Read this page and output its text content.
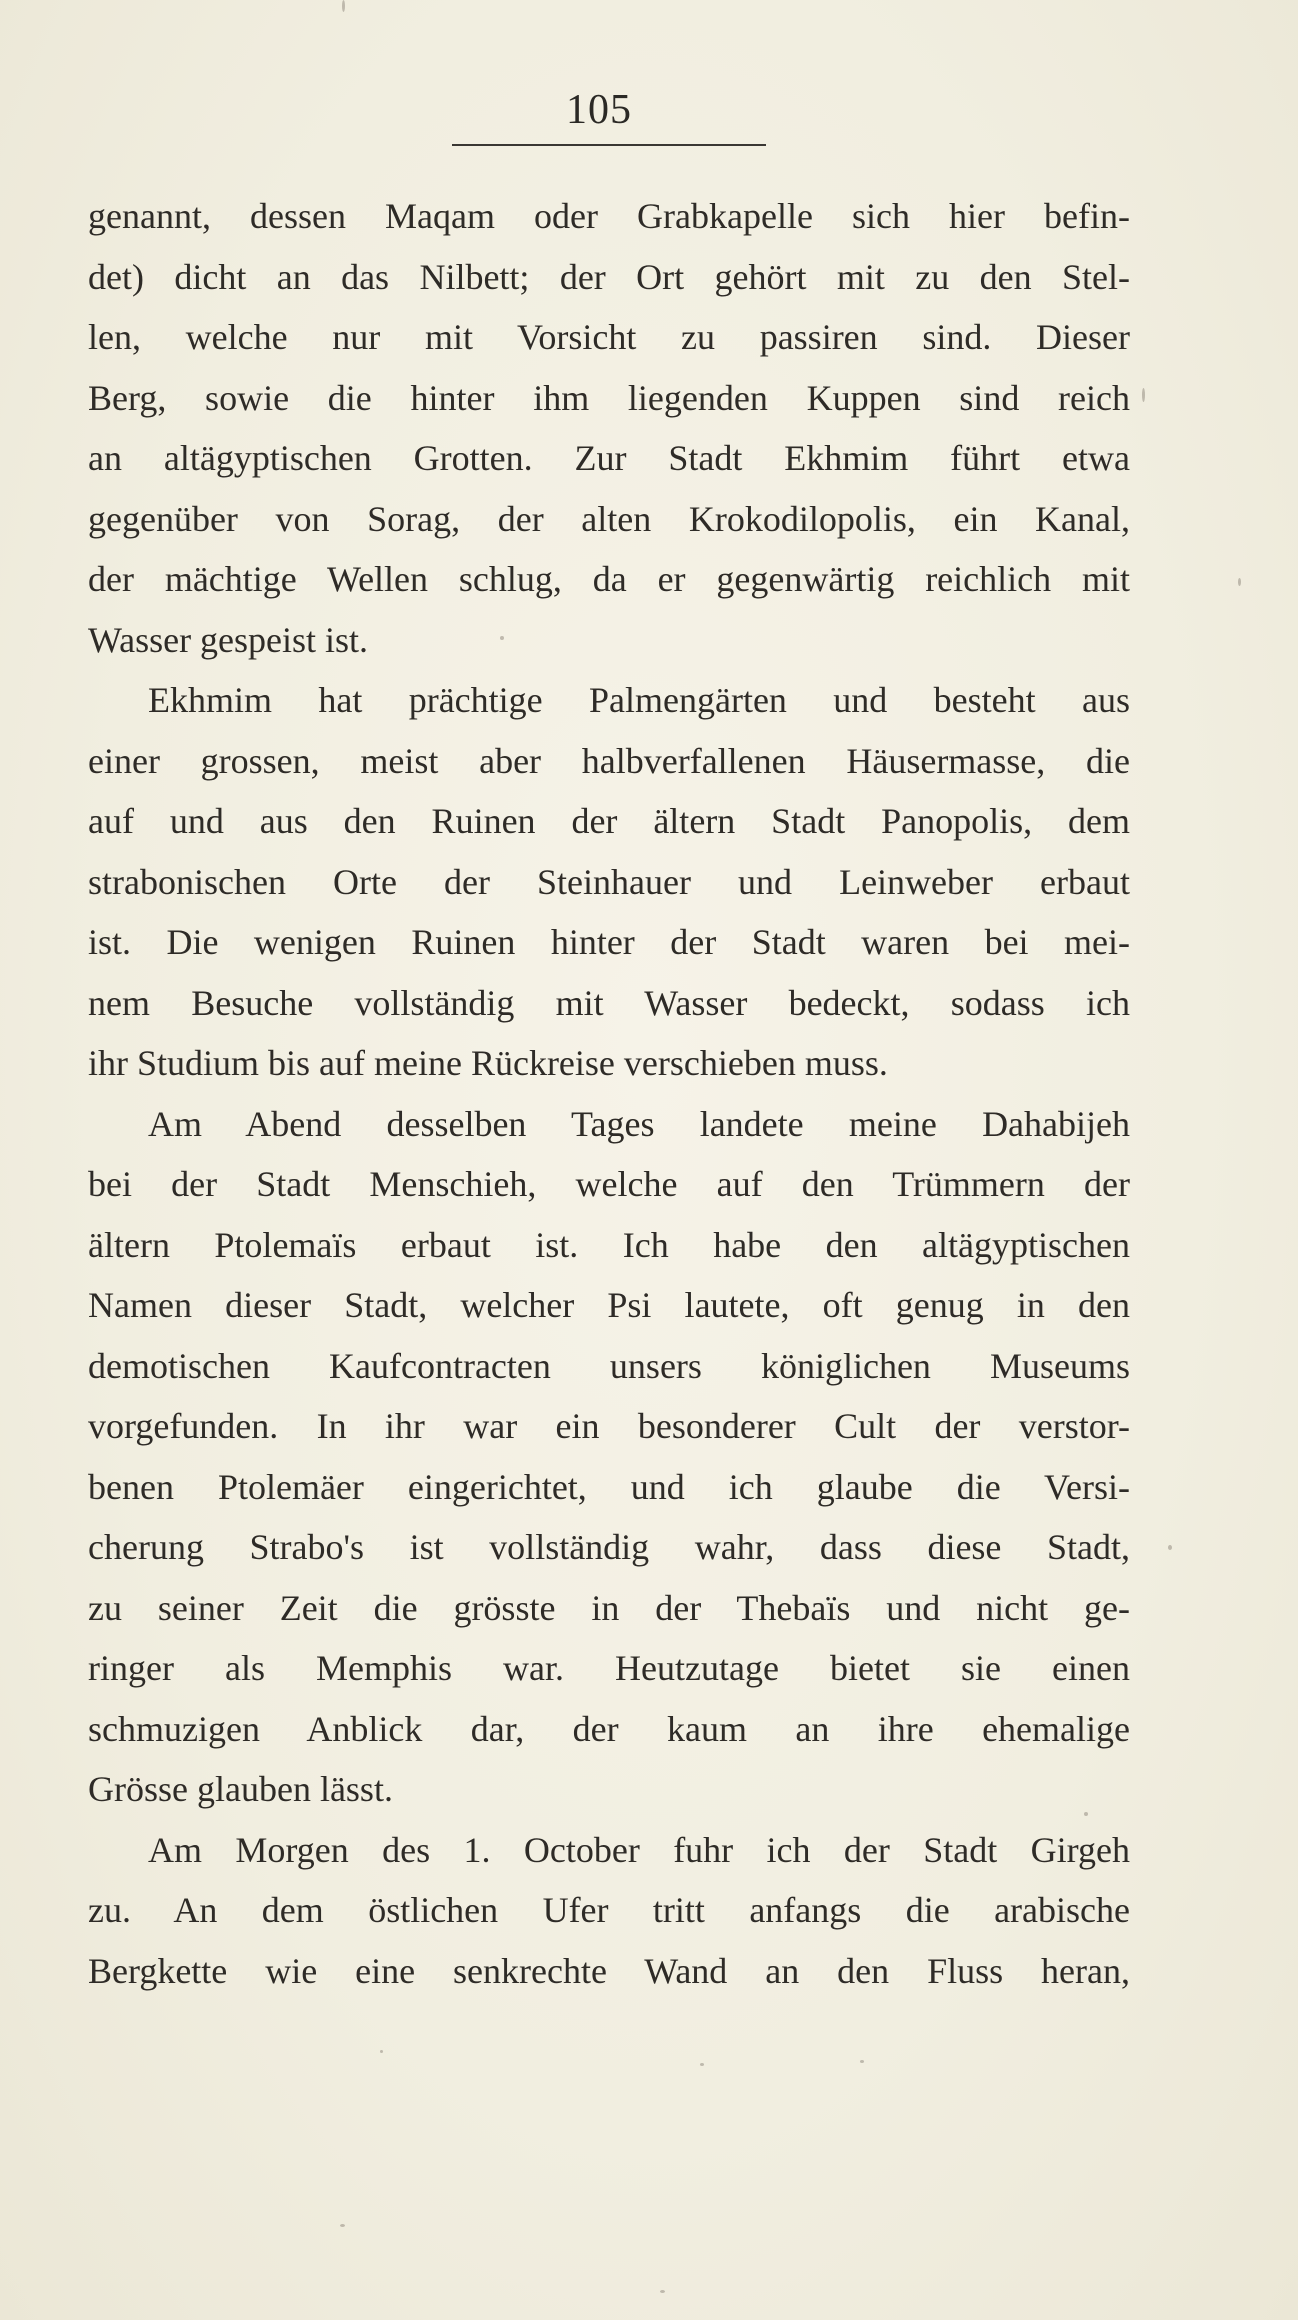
105
genannt, dessen Maqam oder Grabkapelle sich hier befin-
det) dicht an das Nilbett; der Ort gehört mit zu den Stel-
len, welche nur mit Vorsicht zu passiren sind. Dieser
Berg, sowie die hinter ihm liegenden Kuppen sind reich
an altägyptischen Grotten. Zur Stadt Ekhmim führt etwa
gegenüber von Sorag, der alten Krokodilopolis, ein Kanal,
der mächtige Wellen schlug, da er gegenwärtig reichlich mit
Wasser gespeist ist.
Ekhmim hat prächtige Palmengärten und besteht aus
einer grossen, meist aber halbverfallenen Häusermasse, die
auf und aus den Ruinen der ältern Stadt Panopolis, dem
strabonischen Orte der Steinhauer und Leinweber erbaut
ist. Die wenigen Ruinen hinter der Stadt waren bei mei-
nem Besuche vollständig mit Wasser bedeckt, sodass ich
ihr Studium bis auf meine Rückreise verschieben muss.
Am Abend desselben Tages landete meine Dahabijeh
bei der Stadt Menschieh, welche auf den Trümmern der
ältern Ptolemaïs erbaut ist. Ich habe den altägyptischen
Namen dieser Stadt, welcher Psi lautete, oft genug in den
demotischen Kaufcontracten unsers königlichen Museums
vorgefunden. In ihr war ein besonderer Cult der verstor-
benen Ptolemäer eingerichtet, und ich glaube die Versi-
cherung Strabo's ist vollständig wahr, dass diese Stadt,
zu seiner Zeit die grösste in der Thebaïs und nicht ge-
ringer als Memphis war. Heutzutage bietet sie einen
schmuzigen Anblick dar, der kaum an ihre ehemalige
Grösse glauben lässt.
Am Morgen des 1. October fuhr ich der Stadt Girgeh
zu. An dem östlichen Ufer tritt anfangs die arabische
Bergkette wie eine senkrechte Wand an den Fluss heran,
